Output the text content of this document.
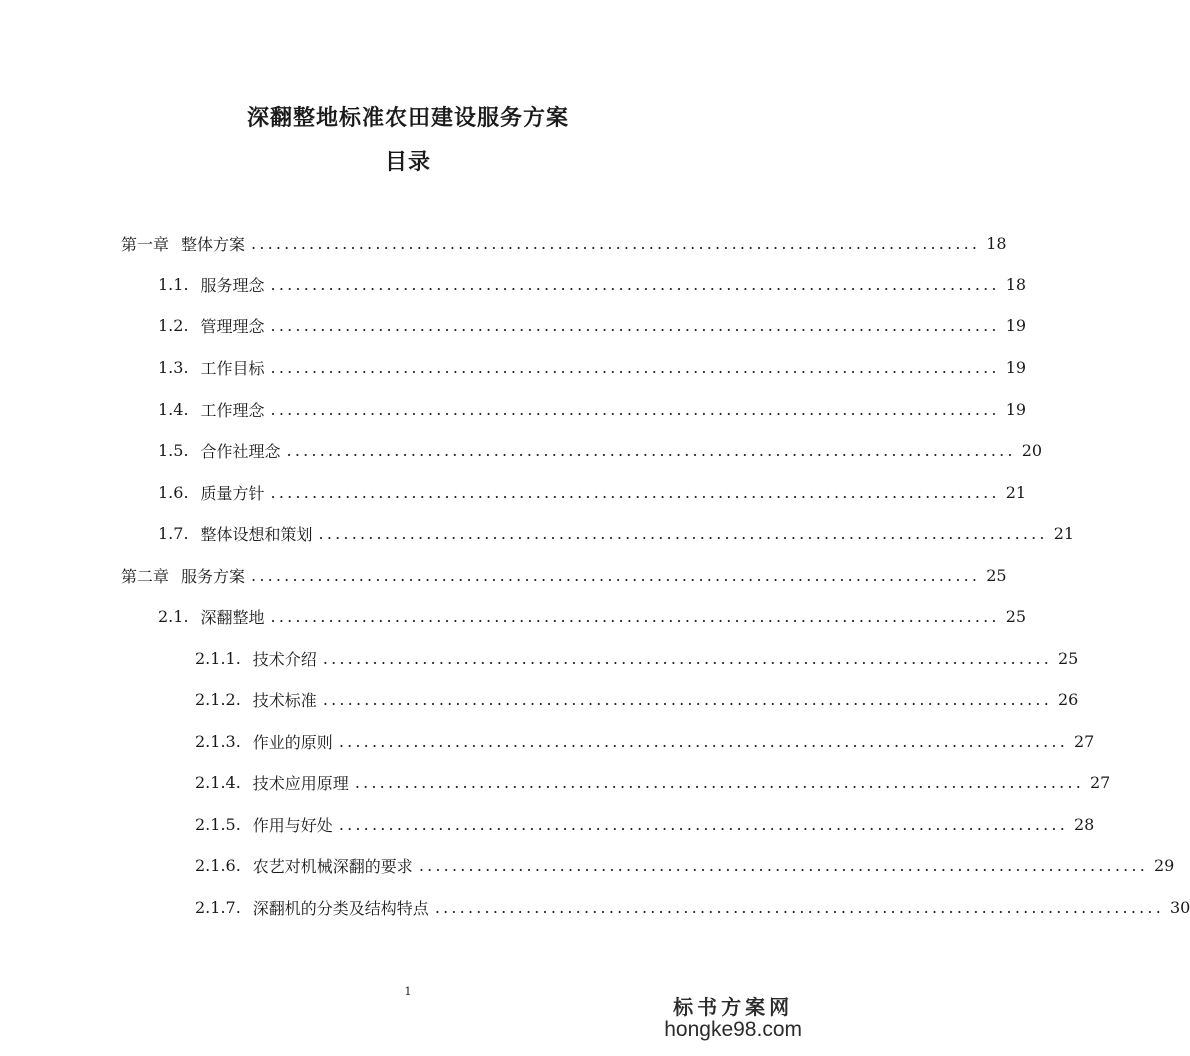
深翻整地标准农田建设服务方案
目录
第一章 整体方案 ........................................................................................ 18
1.1. 服务理念 ........................................................................................ 18
1.2. 管理理念 ........................................................................................ 19
1.3. 工作目标 ........................................................................................ 19
1.4. 工作理念 ........................................................................................ 19
1.5. 合作社理念 ........................................................................................ 20
1.6. 质量方针 ........................................................................................ 21
1.7. 整体设想和策划 ........................................................................................ 21
第二章 服务方案 ........................................................................................ 25
2.1. 深翻整地 ........................................................................................ 25
2.1.1. 技术介绍 ........................................................................................ 25
2.1.2. 技术标准 ........................................................................................ 26
2.1.3. 作业的原则 ........................................................................................ 27
2.1.4. 技术应用原理 ........................................................................................ 27
2.1.5. 作用与好处 ........................................................................................ 28
2.1.6. 农艺对机械深翻的要求 ........................................................................................ 29
2.1.7. 深翻机的分类及结构特点 ........................................................................................ 30
1
标书方案网
hongke98.com
